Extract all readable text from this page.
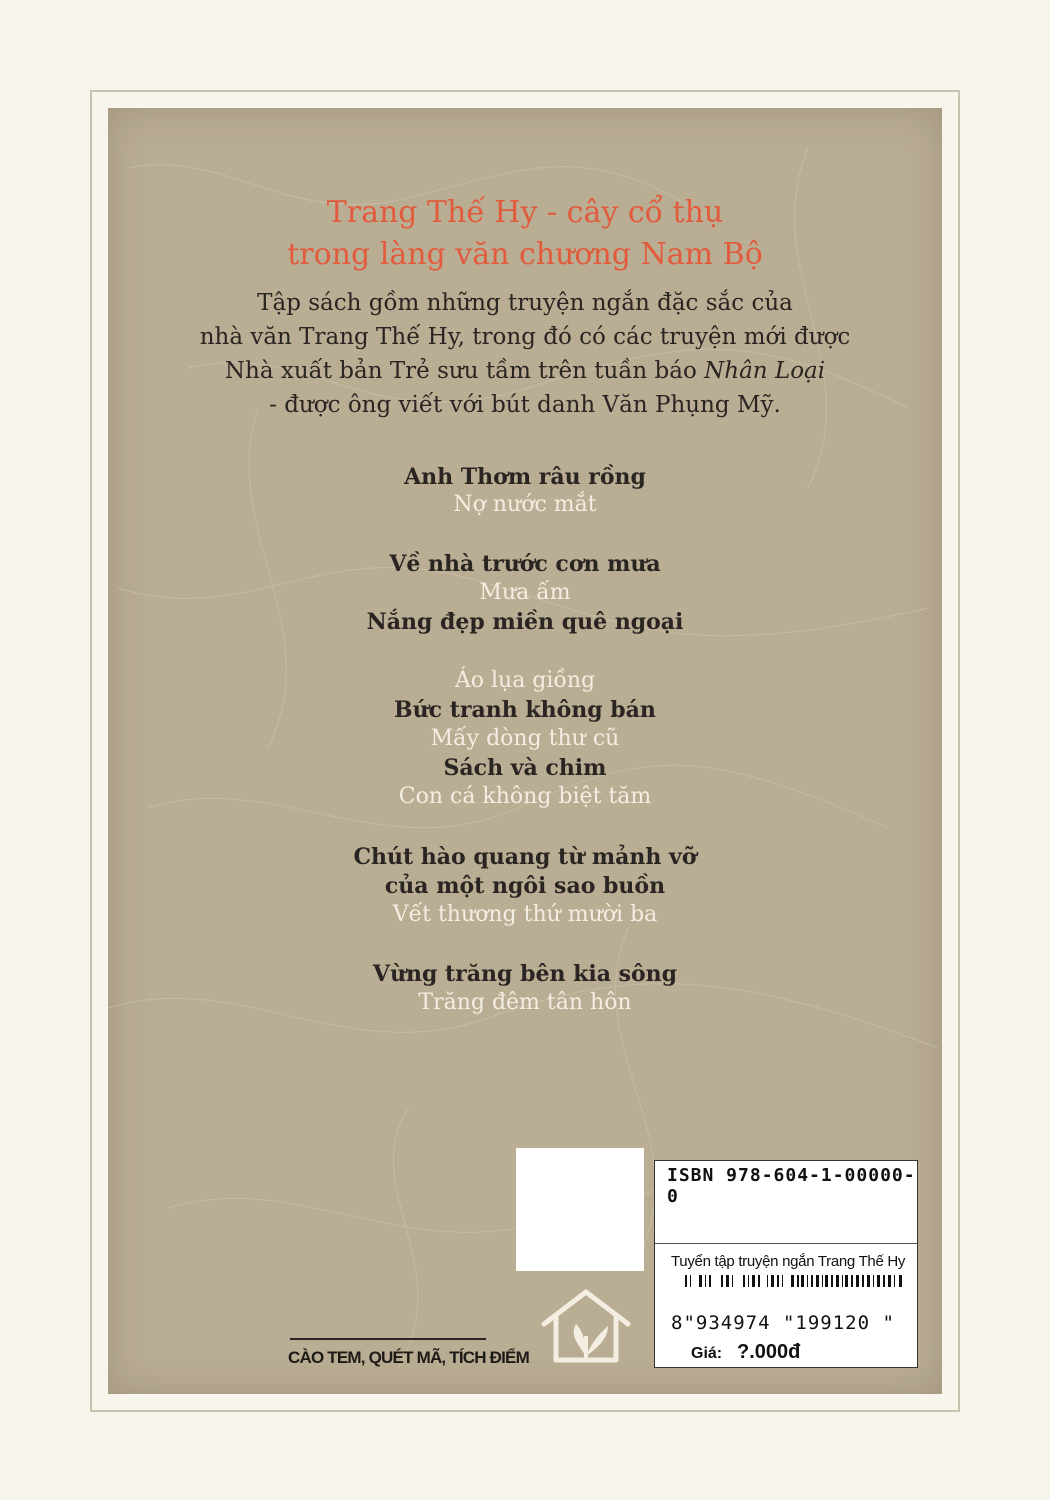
Trang Thế Hy - cây cổ thụ
trong làng văn chương Nam Bộ
Tập sách gồm những truyện ngắn đặc sắc của
nhà văn Trang Thế Hy, trong đó có các truyện mới được
Nhà xuất bản Trẻ sưu tầm trên tuần báo Nhân Loại
- được ông viết với bút danh Văn Phụng Mỹ.
Anh Thơm râu rồng
Nợ nước mắt
Về nhà trước cơn mưa
Mưa ấm
Nắng đẹp miền quê ngoại
Áo lụa giồng
Bức tranh không bán
Mấy dòng thư cũ
Sách và chim
Con cá không biệt tăm
Chút hào quang từ mảnh vỡ
của một ngôi sao buồn
Vết thương thứ mười ba
Vừng trăng bên kia sông
Trăng đêm tân hôn
ISBN 978-604-1-00000-0
Tuyển tập truyện ngắn Trang Thế Hy
8"934974 "199120 "
Giá: ?.000đ
CÀO TEM, QUÉT MÃ, TÍCH ĐIỂM
